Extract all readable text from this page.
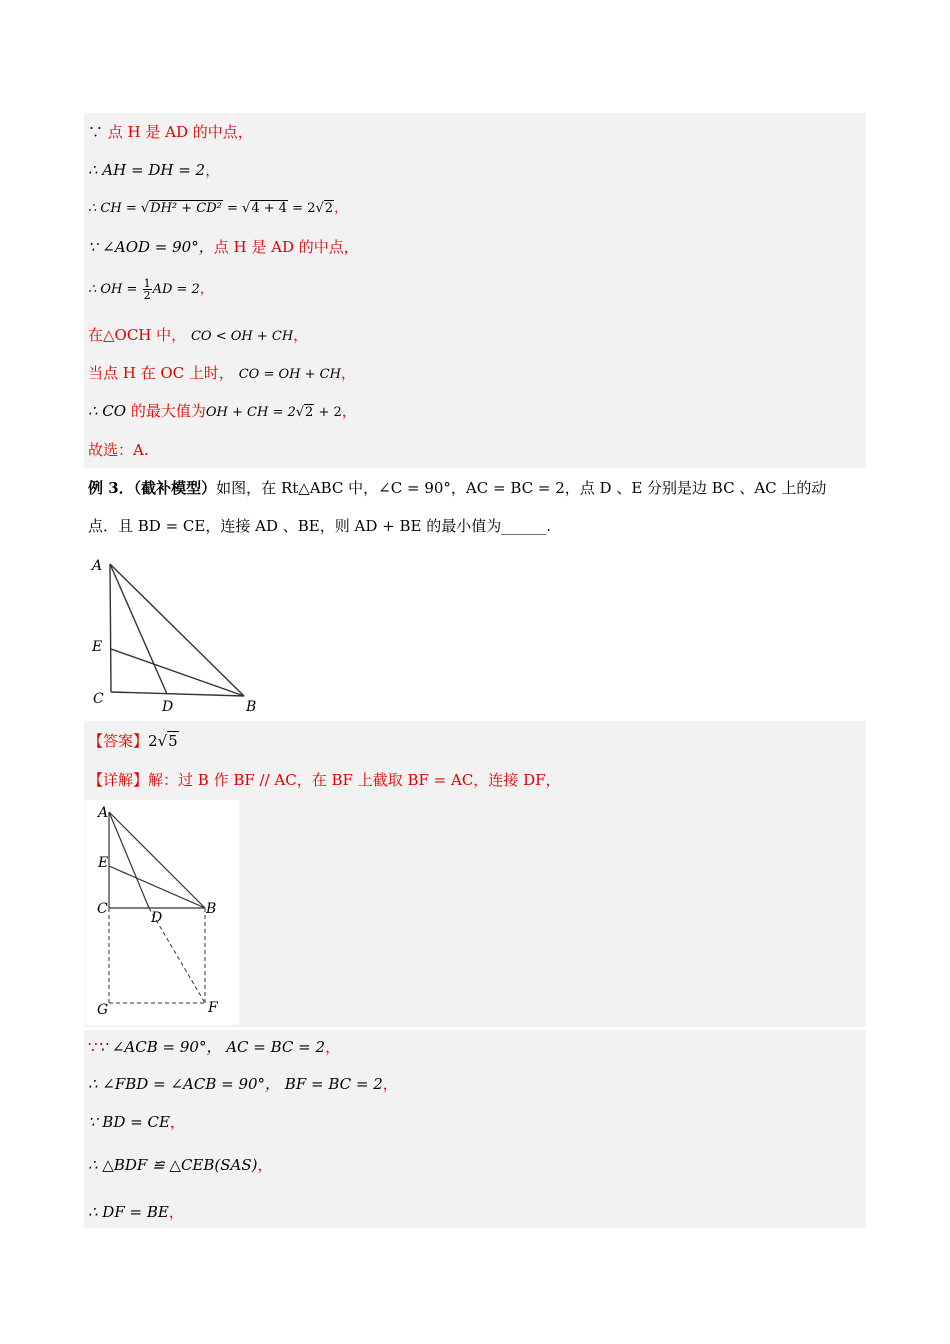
∵ 点 H 是 AD 的中点，
∴ AH = DH = 2，
∴ CH = √DH² + CD² = √4 + 4 = 2√2，
∵ ∠AOD = 90°，点 H 是 AD 的中点，
∴ OH = $\frac{1}{2}$ AD = 2，
在△OCH 中， CO < OH + CH，
当点 H 在 OC 上时， CO = OH + CH，
∴ CO 的最大值为OH + CH = 2√2 + 2，
故选：A.
例 3．（截补模型）如图，在 Rt△ABC 中，∠C = 90°，AC = BC = 2，点 D 、E 分别是边 BC 、AC 上的动
点．且 BD = CE，连接 AD 、BE，则 AD + BE 的最小值为______.
A
E
C	D	B
【答案】2√5
【详解】解：过 B 作 BF // AC，在 BF 上截取 BF = AC，连接 DF，
A
E
C
D
B
G	F
∵∵ ∠ACB = 90°， AC = BC = 2，
∴ ∠FBD = ∠ACB = 90°， BF = BC = 2，
∵ BD = CE，
∴ △BDF ≌ △CEB(SAS)，
∴ DF = BE，
